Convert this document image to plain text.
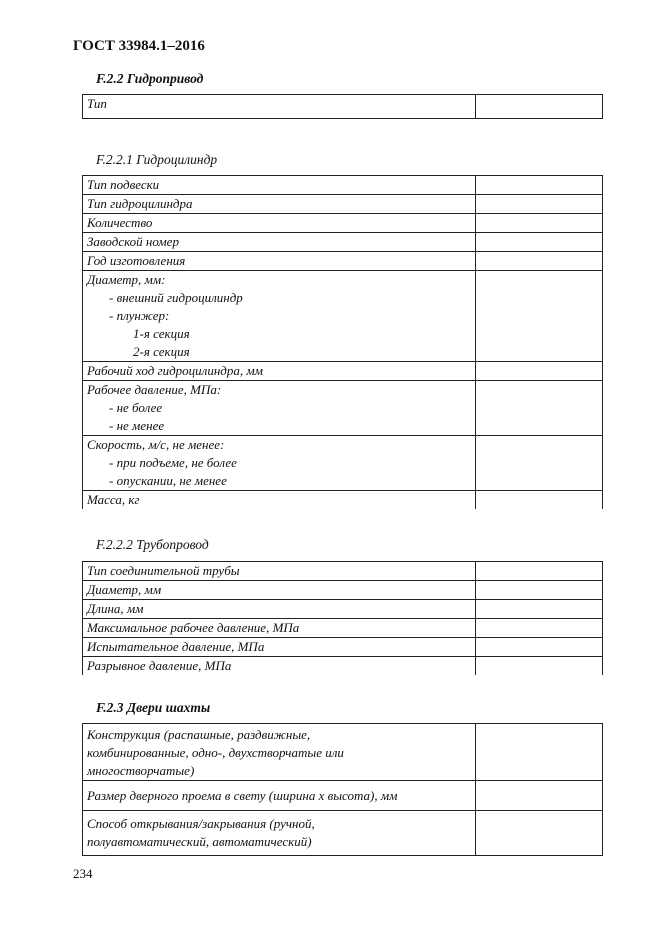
ГОСТ 33984.1–2016
F.2.2 Гидропривод
Тип	
F.2.2.1 Гидроцилиндр
Тип подвески	
Тип гидроцилиндра	
Количество	
Заводской номер	
Год изготовления	

Диаметр, мм:
- внешний гидроцилиндр
- плунжер:
1-я секция
2-я секция	

Рабочий ход гидроцилиндра, мм	

Рабочее давление, МПа:
- не более
- не менее	

Скорость, м/с, не менее:
- при подъеме, не более
- опускании, не менее	

Масса, кг	
F.2.2.2 Трубопровод
Тип соединительной трубы	
Диаметр, мм	
Длина, мм	
Максимальное рабочее давление, МПа	
Испытательное давление, МПа	
Разрывное давление, МПа	
F.2.3 Двери шахты
Конструкция (распашные, раздвижные,
комбинированные, одно-, двухстворчатые или
многостворчатые)	

Размер дверного проема в свету (ширина х высота), мм	

Способ открывания/закрывания (ручной,
полуавтоматический, автоматический)	

234
